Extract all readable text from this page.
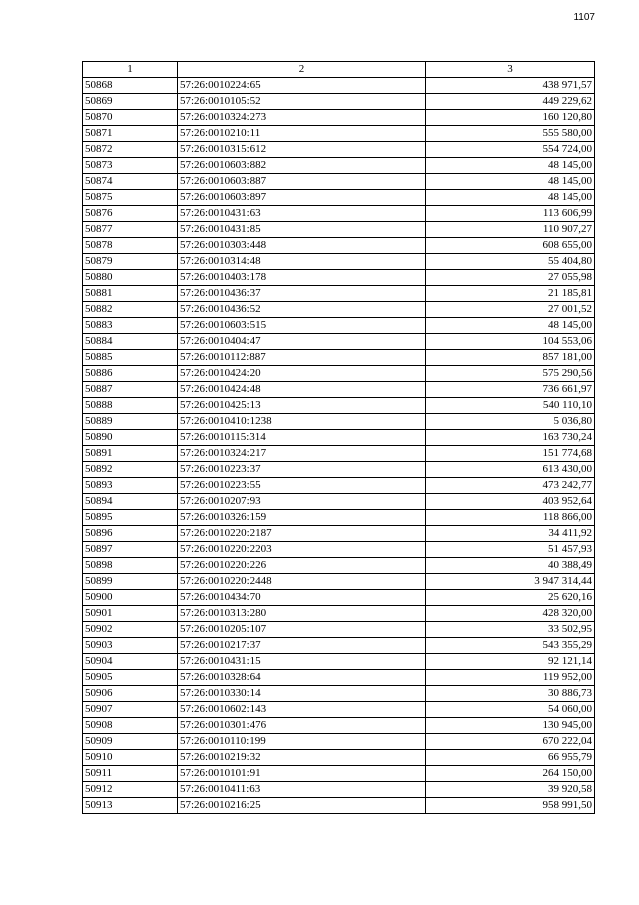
1107
1	2	3
50868	57:26:0010224:65	438 971,57
50869	57:26:0010105:52	449 229,62
50870	57:26:0010324:273	160 120,80
50871	57:26:0010210:11	555 580,00
50872	57:26:0010315:612	554 724,00
50873	57:26:0010603:882	48 145,00
50874	57:26:0010603:887	48 145,00
50875	57:26:0010603:897	48 145,00
50876	57:26:0010431:63	113 606,99
50877	57:26:0010431:85	110 907,27
50878	57:26:0010303:448	608 655,00
50879	57:26:0010314:48	55 404,80
50880	57:26:0010403:178	27 055,98
50881	57:26:0010436:37	21 185,81
50882	57:26:0010436:52	27 001,52
50883	57:26:0010603:515	48 145,00
50884	57:26:0010404:47	104 553,06
50885	57:26:0010112:887	857 181,00
50886	57:26:0010424:20	575 290,56
50887	57:26:0010424:48	736 661,97
50888	57:26:0010425:13	540 110,10
50889	57:26:0010410:1238	5 036,80
50890	57:26:0010115:314	163 730,24
50891	57:26:0010324:217	151 774,68
50892	57:26:0010223:37	613 430,00
50893	57:26:0010223:55	473 242,77
50894	57:26:0010207:93	403 952,64
50895	57:26:0010326:159	118 866,00
50896	57:26:0010220:2187	34 411,92
50897	57:26:0010220:2203	51 457,93
50898	57:26:0010220:226	40 388,49
50899	57:26:0010220:2448	3 947 314,44
50900	57:26:0010434:70	25 620,16
50901	57:26:0010313:280	428 320,00
50902	57:26:0010205:107	33 502,95
50903	57:26:0010217:37	543 355,29
50904	57:26:0010431:15	92 121,14
50905	57:26:0010328:64	119 952,00
50906	57:26:0010330:14	30 886,73
50907	57:26:0010602:143	54 060,00
50908	57:26:0010301:476	130 945,00
50909	57:26:0010110:199	670 222,04
50910	57:26:0010219:32	66 955,79
50911	57:26:0010101:91	264 150,00
50912	57:26:0010411:63	39 920,58
50913	57:26:0010216:25	958 991,50
